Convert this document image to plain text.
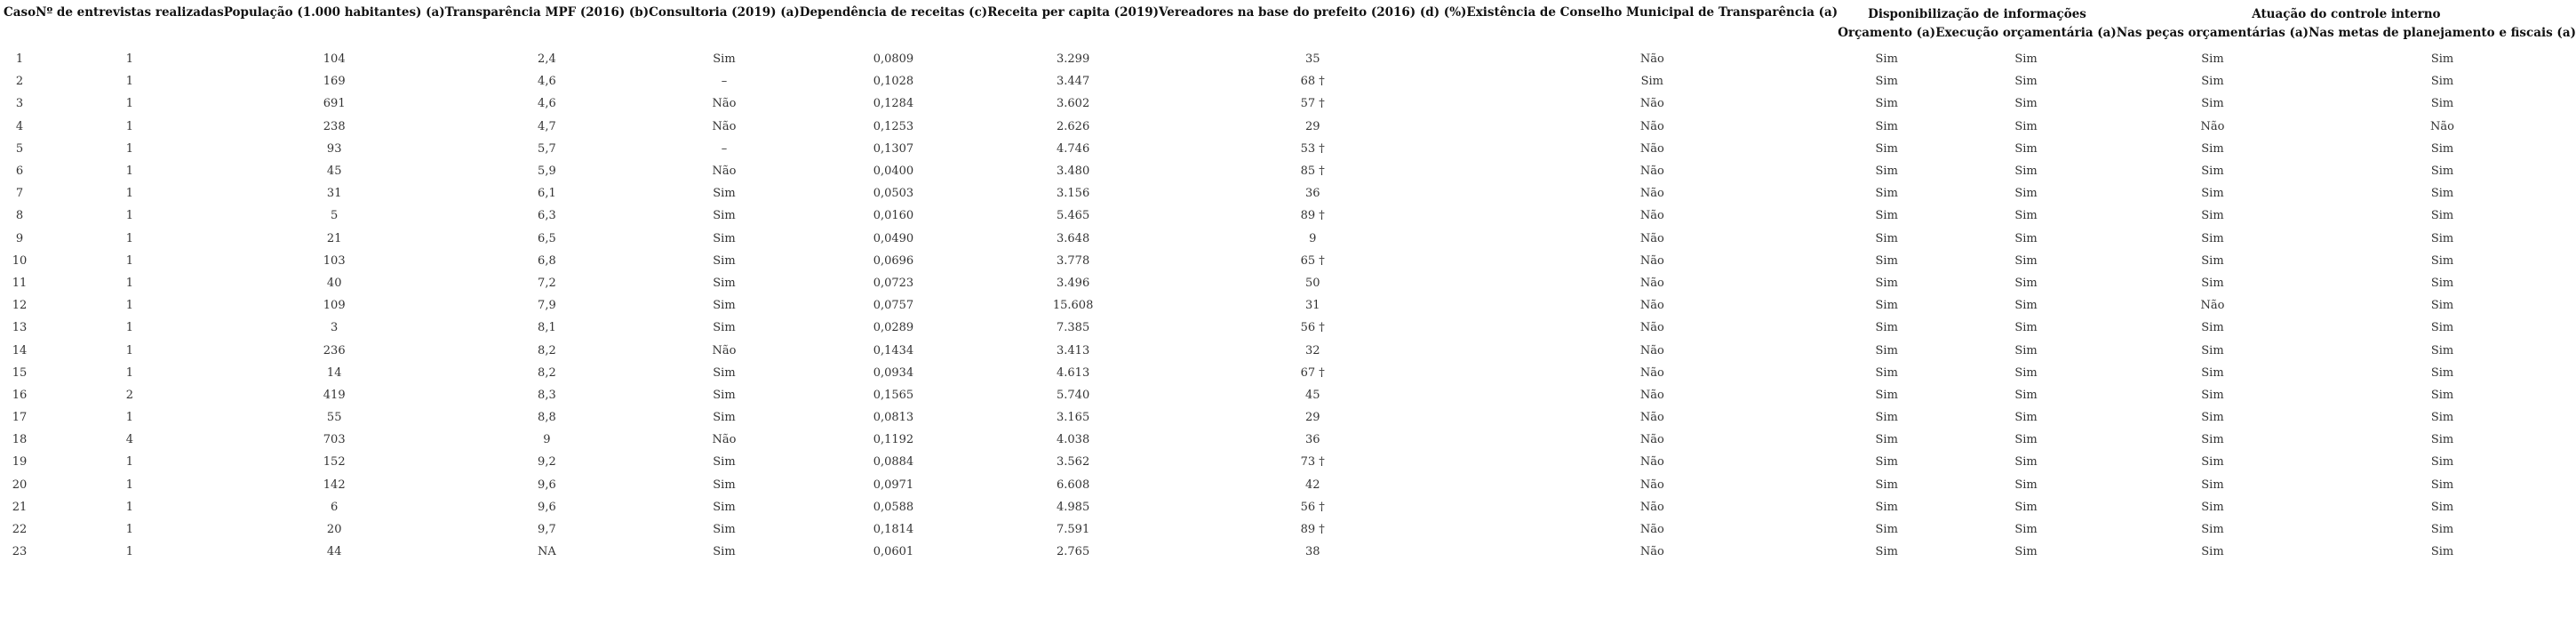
Caso	Nº de entrevistas realizadas	População (1.000 habitantes) (a)	Transparência MPF (2016) (b)	Consultoria (2019) (a)	Dependência de receitas (c)	Receita per capita (2019)	Vereadores na base do prefeito (2016) (d) (%)	Existência de Conselho Municipal de Transparência (a)	Disponibilização de informações		Atuação do controle interno	
									Orçamento (a)	Execução orçamentária (a)	Nas peças orçamentárias (a)	Nas metas de planejamento e fiscais (a)
1	1	104	2,4	Sim	0,0809	3.299	35	Não	Sim	Sim	Sim	Sim
2	1	169	4,6	–	0,1028	3.447	68 †	Sim	Sim	Sim	Sim	Sim
3	1	691	4,6	Não	0,1284	3.602	57 †	Não	Sim	Sim	Sim	Sim
4	1	238	4,7	Não	0,1253	2.626	29	Não	Sim	Sim	Não	Não
5	1	93	5,7	–	0,1307	4.746	53 †	Não	Sim	Sim	Sim	Sim
6	1	45	5,9	Não	0,0400	3.480	85 †	Não	Sim	Sim	Sim	Sim
7	1	31	6,1	Sim	0,0503	3.156	36	Não	Sim	Sim	Sim	Sim
8	1	5	6,3	Sim	0,0160	5.465	89 †	Não	Sim	Sim	Sim	Sim
9	1	21	6,5	Sim	0,0490	3.648	9	Não	Sim	Sim	Sim	Sim
10	1	103	6,8	Sim	0,0696	3.778	65 †	Não	Sim	Sim	Sim	Sim
11	1	40	7,2	Sim	0,0723	3.496	50	Não	Sim	Sim	Sim	Sim
12	1	109	7,9	Sim	0,0757	15.608	31	Não	Sim	Sim	Não	Sim
13	1	3	8,1	Sim	0,0289	7.385	56 †	Não	Sim	Sim	Sim	Sim
14	1	236	8,2	Não	0,1434	3.413	32	Não	Sim	Sim	Sim	Sim
15	1	14	8,2	Sim	0,0934	4.613	67 †	Não	Sim	Sim	Sim	Sim
16	2	419	8,3	Sim	0,1565	5.740	45	Não	Sim	Sim	Sim	Sim
17	1	55	8,8	Sim	0,0813	3.165	29	Não	Sim	Sim	Sim	Sim
18	4	703	9	Não	0,1192	4.038	36	Não	Sim	Sim	Sim	Sim
19	1	152	9,2	Sim	0,0884	3.562	73 †	Não	Sim	Sim	Sim	Sim
20	1	142	9,6	Sim	0,0971	6.608	42	Não	Sim	Sim	Sim	Sim
21	1	6	9,6	Sim	0,0588	4.985	56 †	Não	Sim	Sim	Sim	Sim
22	1	20	9,7	Sim	0,1814	7.591	89 †	Não	Sim	Sim	Sim	Sim
23	1	44	NA	Sim	0,0601	2.765	38	Não	Sim	Sim	Sim	Sim
